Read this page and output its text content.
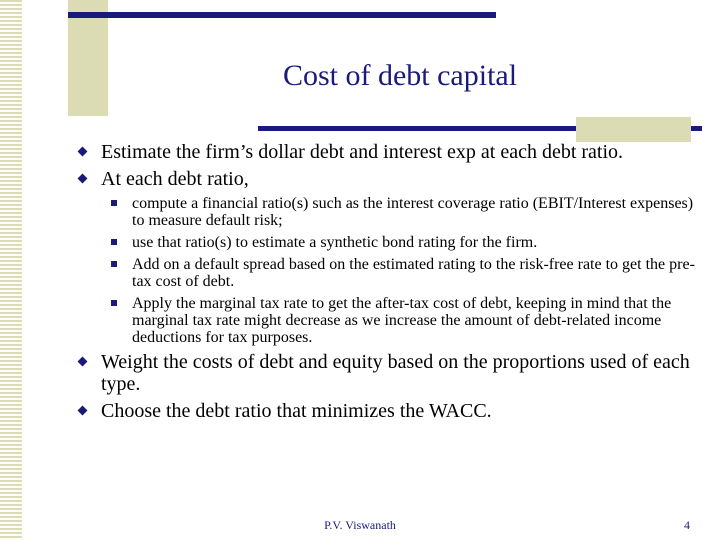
Cost of debt capital
Estimate the firm’s dollar debt and interest exp at each debt ratio.
At each debt ratio,
compute a financial ratio(s) such as the interest coverage ratio (EBIT/Interest expenses) to measure default risk;
use that ratio(s) to estimate a synthetic bond rating for the firm.
Add on a default spread based on the estimated rating to the risk-free rate to get the pre-tax cost of debt.
Apply the marginal tax rate to get the after-tax cost of debt, keeping in mind that the marginal tax rate might decrease as we increase the amount of debt-related income deductions for tax purposes.
Weight the costs of debt and equity based on the proportions used of each type.
Choose the debt ratio that minimizes the WACC.
P.V. Viswanath	4
